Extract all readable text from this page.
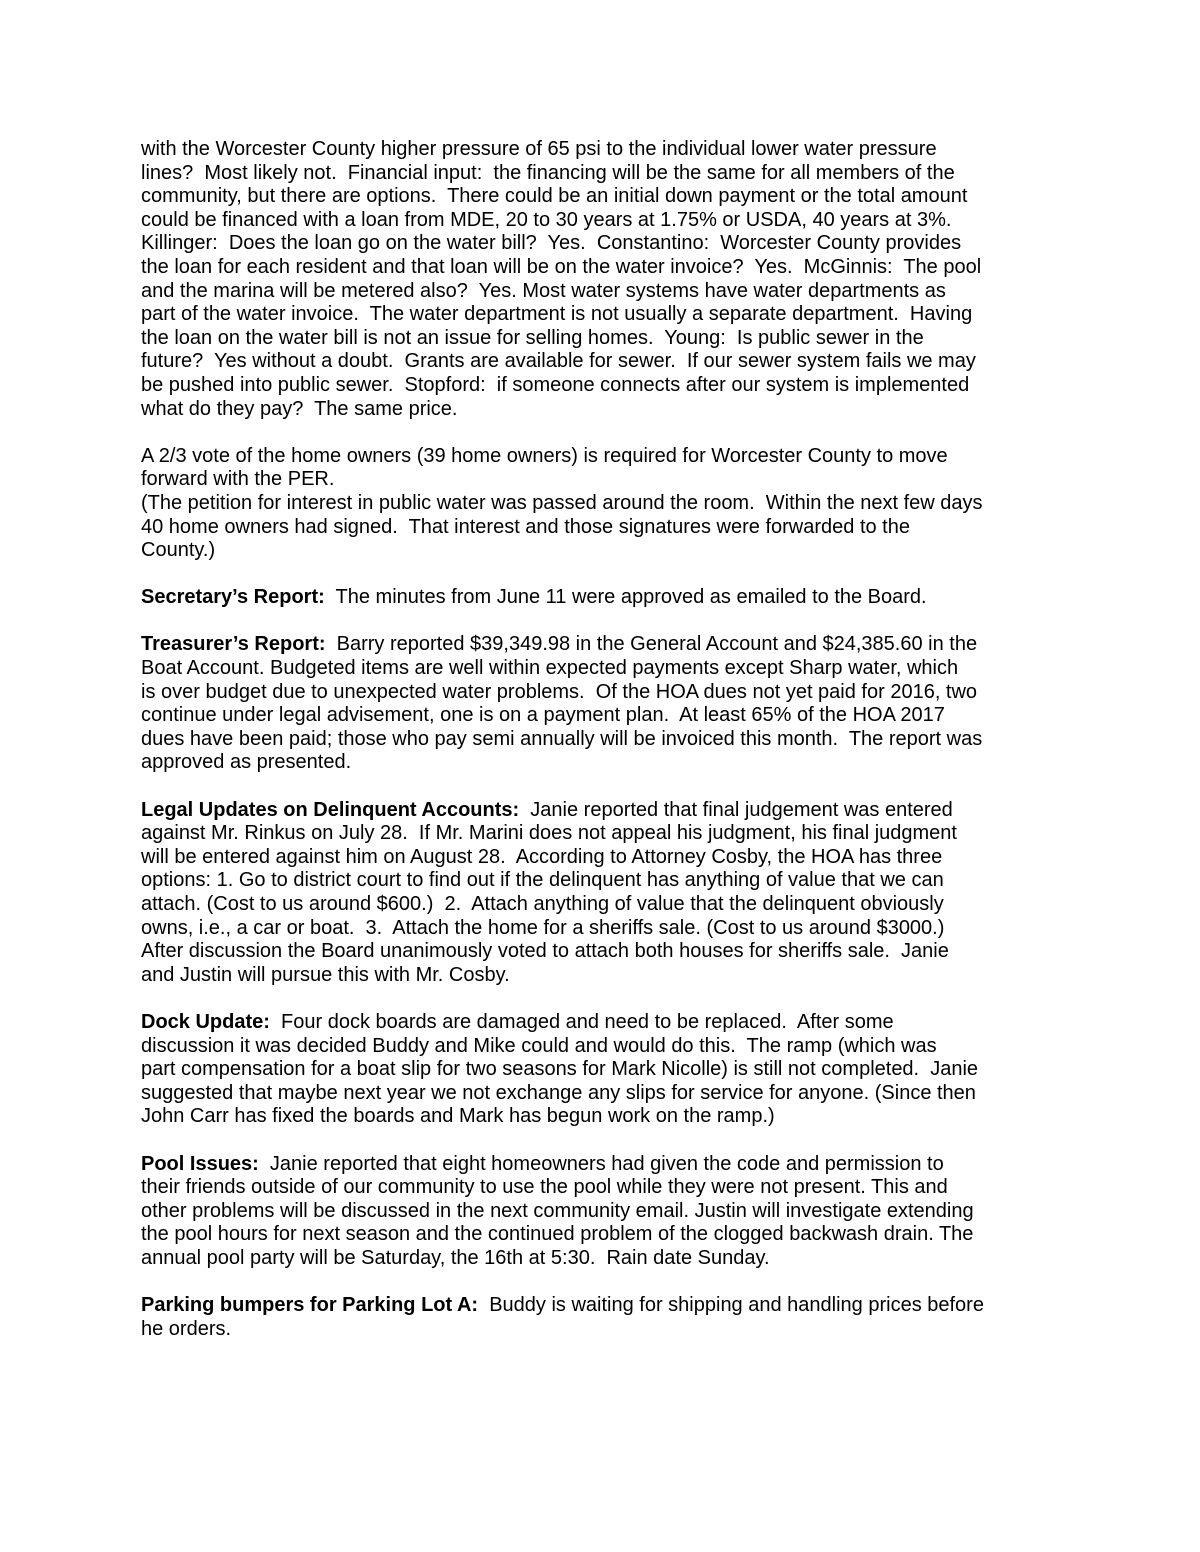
with the Worcester County higher pressure of 65 psi to the individual lower water pressure
lines?  Most likely not.  Financial input:  the financing will be the same for all members of the
community, but there are options.  There could be an initial down payment or the total amount
could be financed with a loan from MDE, 20 to 30 years at 1.75% or USDA, 40 years at 3%.
Killinger:  Does the loan go on the water bill?  Yes.  Constantino:  Worcester County provides
the loan for each resident and that loan will be on the water invoice?  Yes.  McGinnis:  The pool
and the marina will be metered also?  Yes. Most water systems have water departments as
part of the water invoice.  The water department is not usually a separate department.  Having
the loan on the water bill is not an issue for selling homes.  Young:  Is public sewer in the
future?  Yes without a doubt.  Grants are available for sewer.  If our sewer system fails we may
be pushed into public sewer.  Stopford:  if someone connects after our system is implemented
what do they pay?  The same price.
A 2/3 vote of the home owners (39 home owners) is required for Worcester County to move
forward with the PER.
(The petition for interest in public water was passed around the room.  Within the next few days
40 home owners had signed.  That interest and those signatures were forwarded to the
County.)
Secretary’s Report:  The minutes from June 11 were approved as emailed to the Board.
Treasurer’s Report:  Barry reported $39,349.98 in the General Account and $24,385.60 in the
Boat Account. Budgeted items are well within expected payments except Sharp water, which
is over budget due to unexpected water problems.  Of the HOA dues not yet paid for 2016, two
continue under legal advisement, one is on a payment plan.  At least 65% of the HOA 2017
dues have been paid; those who pay semi annually will be invoiced this month.  The report was
approved as presented.
Legal Updates on Delinquent Accounts:  Janie reported that final judgement was entered
against Mr. Rinkus on July 28.  If Mr. Marini does not appeal his judgment, his final judgment
will be entered against him on August 28.  According to Attorney Cosby, the HOA has three
options: 1. Go to district court to find out if the delinquent has anything of value that we can
attach. (Cost to us around $600.)  2.  Attach anything of value that the delinquent obviously
owns, i.e., a car or boat.  3.  Attach the home for a sheriffs sale. (Cost to us around $3000.)
After discussion the Board unanimously voted to attach both houses for sheriffs sale.  Janie
and Justin will pursue this with Mr. Cosby.
Dock Update:  Four dock boards are damaged and need to be replaced.  After some
discussion it was decided Buddy and Mike could and would do this.  The ramp (which was
part compensation for a boat slip for two seasons for Mark Nicolle) is still not completed.  Janie
suggested that maybe next year we not exchange any slips for service for anyone. (Since then
John Carr has fixed the boards and Mark has begun work on the ramp.)
Pool Issues:  Janie reported that eight homeowners had given the code and permission to
their friends outside of our community to use the pool while they were not present. This and
other problems will be discussed in the next community email. Justin will investigate extending
the pool hours for next season and the continued problem of the clogged backwash drain. The
annual pool party will be Saturday, the 16th at 5:30.  Rain date Sunday.
Parking bumpers for Parking Lot A:  Buddy is waiting for shipping and handling prices before
he orders.
